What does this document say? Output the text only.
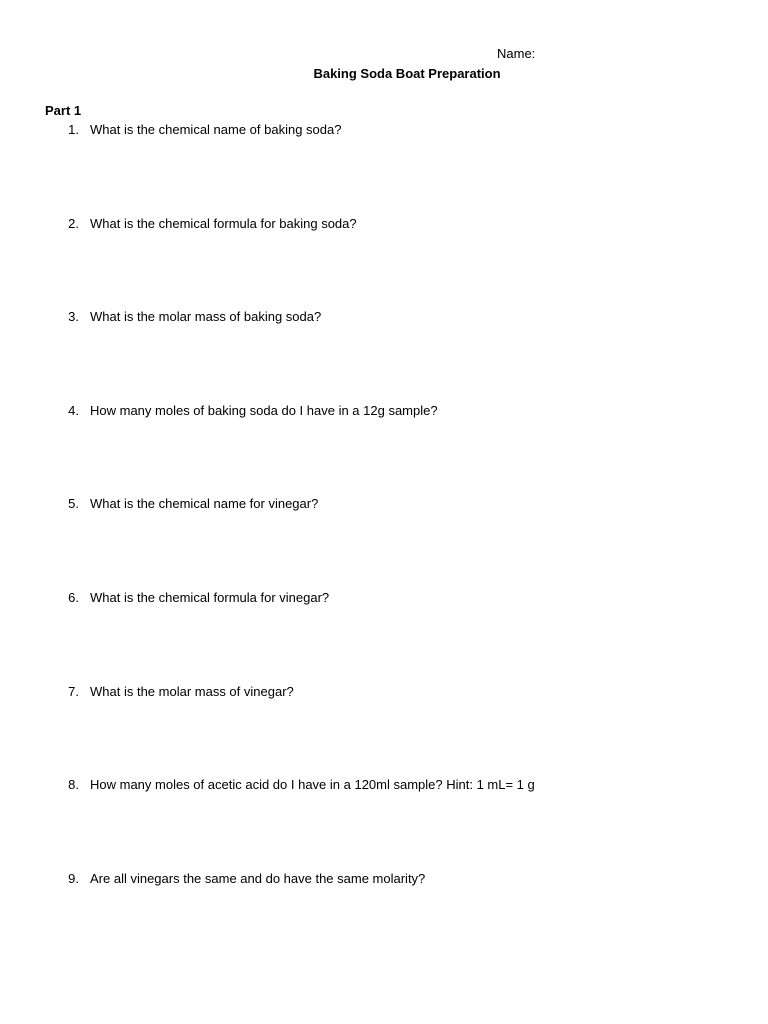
Name:
Baking Soda Boat Preparation
Part 1
1. What is the chemical name of baking soda?
2. What is the chemical formula for baking soda?
3. What is the molar mass of baking soda?
4. How many moles of baking soda do I have in a 12g sample?
5. What is the chemical name for vinegar?
6. What is the chemical formula for vinegar?
7. What is the molar mass of vinegar?
8. How many moles of acetic acid do I have in a 120ml sample? Hint: 1 mL= 1 g
9. Are all vinegars the same and do have the same molarity?
